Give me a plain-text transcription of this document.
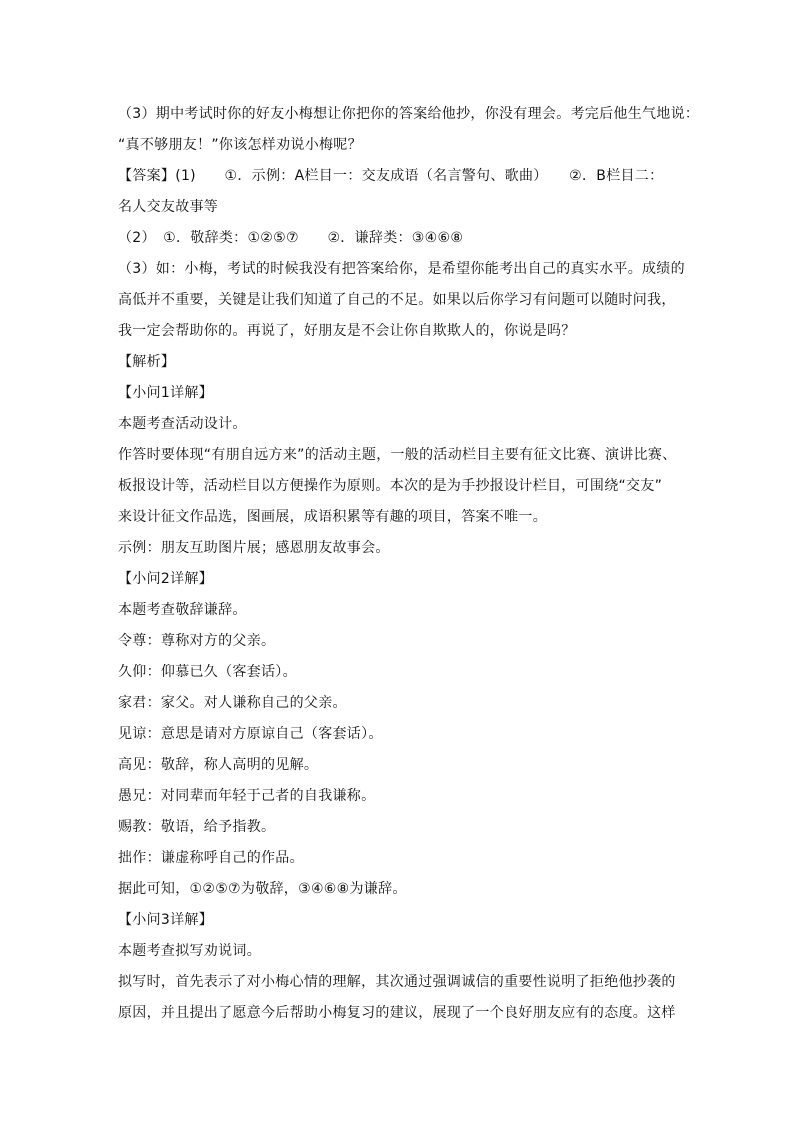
（3）期中考试时你的好友小梅想让你把你的答案给他抄，你没有理会。考完后他生气地说：
“真不够朋友！”你该怎样劝说小梅呢？
【答案】(1)　　①．示例：A栏目一：交友成语（名言警句、歌曲）　　②．B栏目二：
名人交友故事等
（2）　①．敬辞类：①②⑤⑦　　②．谦辞类：③④⑥⑧
（3）如：小梅，考试的时候我没有把答案给你，是希望你能考出自己的真实水平。成绩的
高低并不重要，关键是让我们知道了自己的不足。如果以后你学习有问题可以随时问我，
我一定会帮助你的。再说了，好朋友是不会让你自欺欺人的，你说是吗？
【解析】
【小问1详解】
本题考查活动设计。
作答时要体现“有朋自远方来”的活动主题，一般的活动栏目主要有征文比赛、演讲比赛、
板报设计等，活动栏目以方便操作为原则。本次的是为手抄报设计栏目，可围绕“交友”
来设计征文作品选，图画展，成语积累等有趣的项目，答案不唯一。
示例：朋友互助图片展；感恩朋友故事会。
【小问2详解】
本题考查敬辞谦辞。
令尊：尊称对方的父亲。
久仰：仰慕已久（客套话）。
家君：家父。对人谦称自己的父亲。
见谅：意思是请对方原谅自己（客套话）。
高见：敬辞，称人高明的见解。
愚兄：对同辈而年轻于己者的自我谦称。
赐教：敬语，给予指教。
拙作：谦虚称呼自己的作品。
据此可知，①②⑤⑦为敬辞，③④⑥⑧为谦辞。
【小问3详解】
本题考查拟写劝说词。
拟写时，首先表示了对小梅心情的理解，其次通过强调诚信的重要性说明了拒绝他抄袭的
原因，并且提出了愿意今后帮助小梅复习的建议，展现了一个良好朋友应有的态度。这样
